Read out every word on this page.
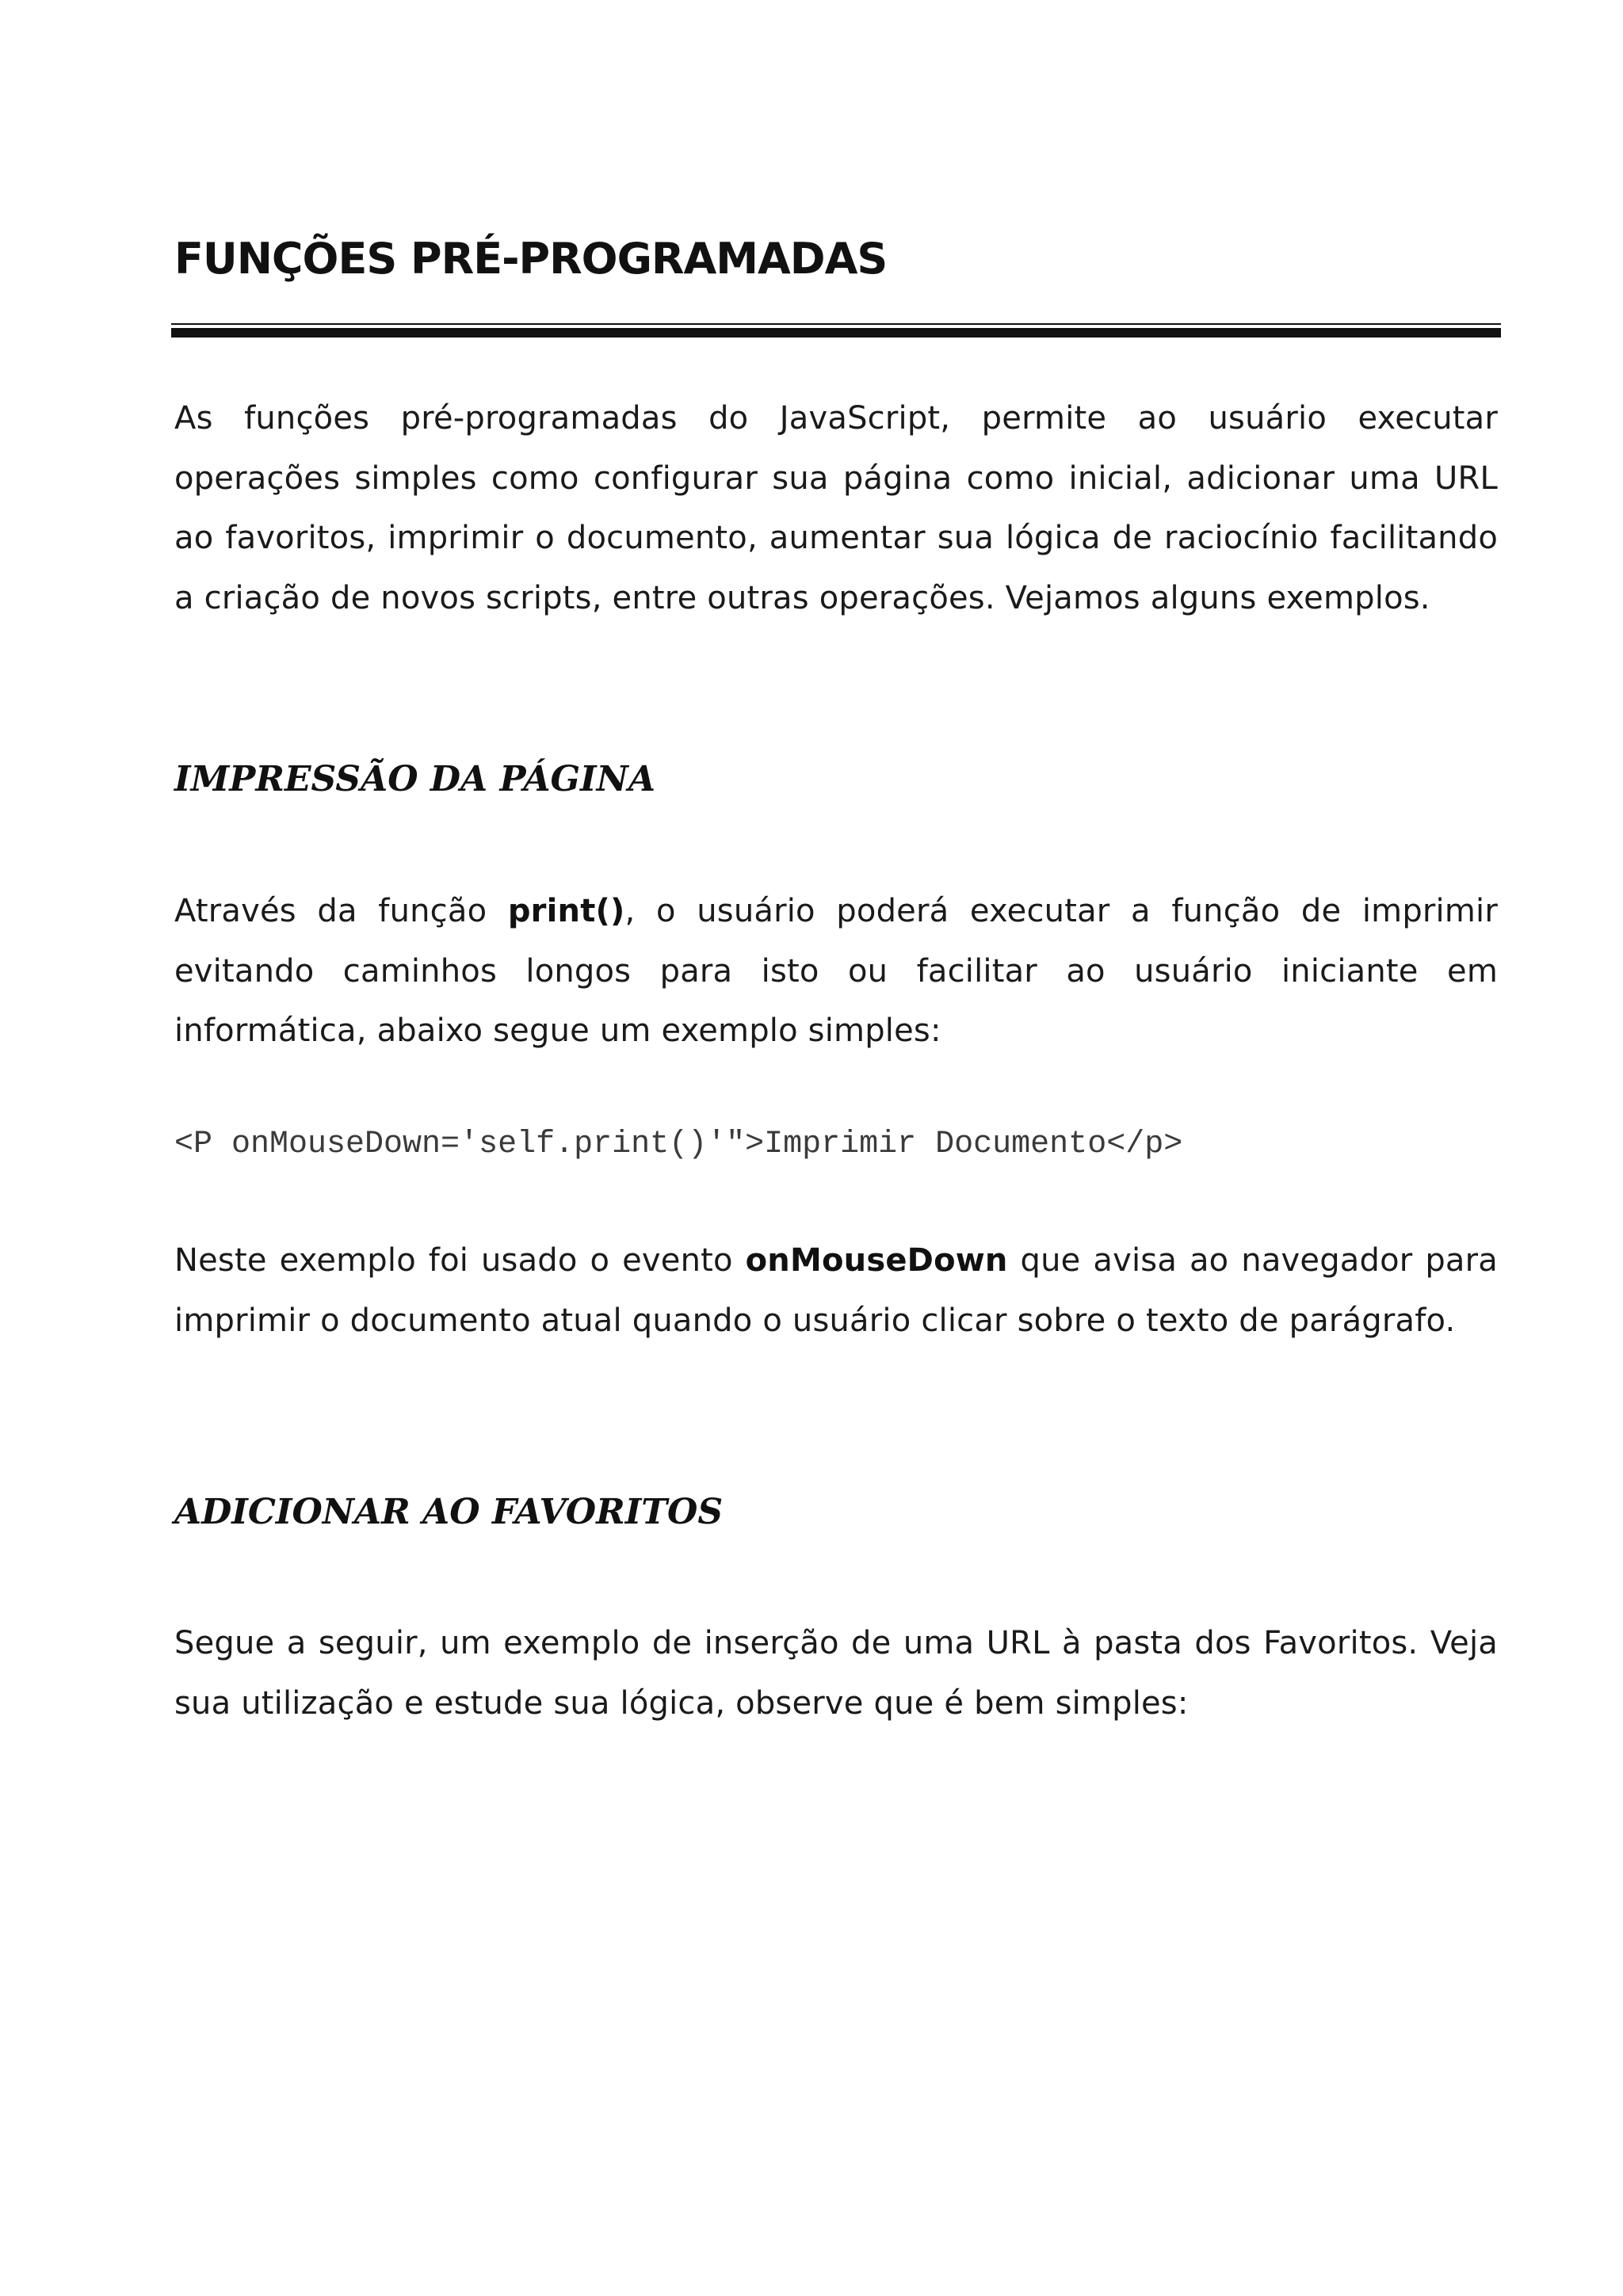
FUNÇÕES PRÉ-PROGRAMADAS

As funções pré-programadas do JavaScript, permite ao usuário executar operações simples como configurar sua página como inicial, adicionar uma URL ao favoritos, imprimir o documento, aumentar sua lógica de raciocínio facilitando a criação de novos scripts, entre outras operações. Vejamos alguns exemplos.

IMPRESSÃO DA PÁGINA

Através da função print(), o usuário poderá executar a função de imprimir evitando caminhos longos para isto ou facilitar ao usuário iniciante em informática, abaixo segue um exemplo simples:

<P onMouseDown='self.print()'">Imprimir Documento</p>

Neste exemplo foi usado o evento onMouseDown que avisa ao navegador para imprimir o documento atual quando o usuário clicar sobre o texto de parágrafo.

ADICIONAR AO FAVORITOS

Segue a seguir, um exemplo de inserção de uma URL à pasta dos Favoritos. Veja sua utilização e estude sua lógica, observe que é bem simples:
